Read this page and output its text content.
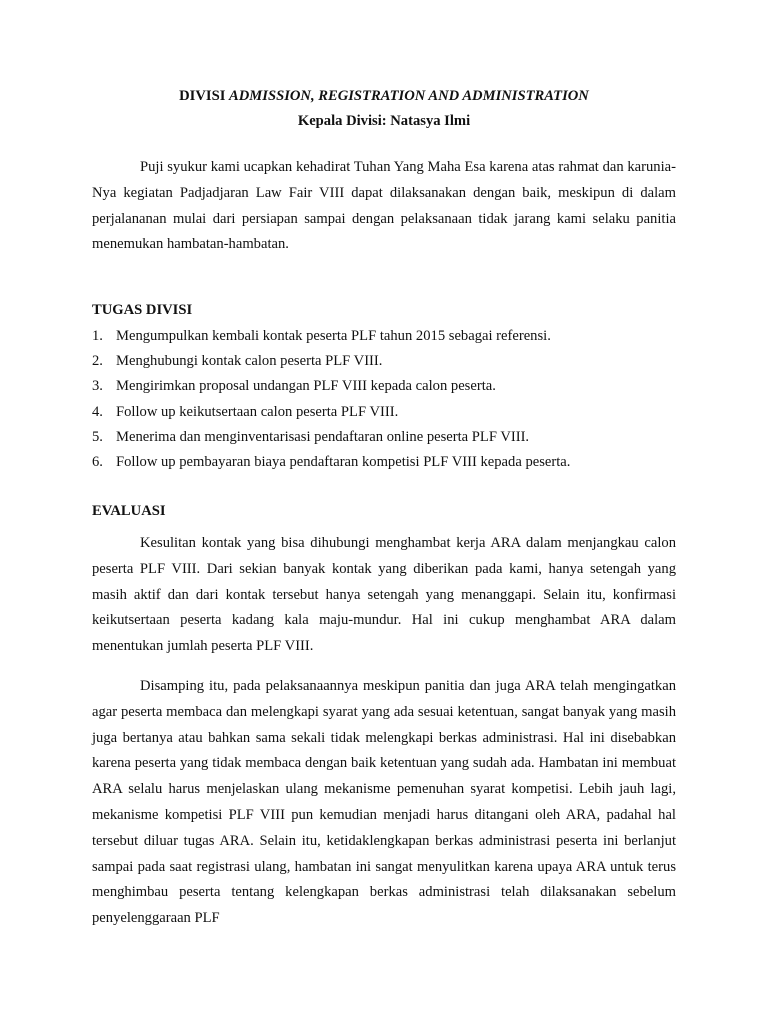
DIVISI ADMISSION, REGISTRATION AND ADMINISTRATION

Kepala Divisi: Natasya Ilmi

Puji syukur kami ucapkan kehadirat Tuhan Yang Maha Esa karena atas rahmat dan karunia-Nya kegiatan Padjadjaran Law Fair VIII dapat dilaksanakan dengan baik, meskipun di dalam perjalananan mulai dari persiapan sampai dengan pelaksanaan tidak jarang kami selaku panitia menemukan hambatan-hambatan.

TUGAS DIVISI

1. Mengumpulkan kembali kontak peserta PLF tahun 2015 sebagai referensi.
2. Menghubungi kontak calon peserta PLF VIII.
3. Mengirimkan proposal undangan PLF VIII kepada calon peserta.
4. Follow up keikutsertaan calon peserta PLF VIII.
5. Menerima dan menginventarisasi pendaftaran online peserta PLF VIII.
6. Follow up pembayaran biaya pendaftaran kompetisi PLF VIII kepada peserta.

EVALUASI

Kesulitan kontak yang bisa dihubungi menghambat kerja ARA dalam menjangkau calon peserta PLF VIII. Dari sekian banyak kontak yang diberikan pada kami, hanya setengah yang masih aktif dan dari kontak tersebut hanya setengah yang menanggapi. Selain itu, konfirmasi keikutsertaan peserta kadang kala maju-mundur. Hal ini cukup menghambat ARA dalam menentukan jumlah peserta PLF VIII.

Disamping itu, pada pelaksanaannya meskipun panitia dan juga ARA telah mengingatkan agar peserta membaca dan melengkapi syarat yang ada sesuai ketentuan, sangat banyak yang masih juga bertanya atau bahkan sama sekali tidak melengkapi berkas administrasi. Hal ini disebabkan karena peserta yang tidak membaca dengan baik ketentuan yang sudah ada. Hambatan ini membuat ARA selalu harus menjelaskan ulang mekanisme pemenuhan syarat kompetisi. Lebih jauh lagi, mekanisme kompetisi PLF VIII pun kemudian menjadi harus ditangani oleh ARA, padahal hal tersebut diluar tugas ARA. Selain itu, ketidaklengkapan berkas administrasi peserta ini berlanjut sampai pada saat registrasi ulang, hambatan ini sangat menyulitkan karena upaya ARA untuk terus menghimbau peserta tentang kelengkapan berkas administrasi telah dilaksanakan sebelum penyelenggaraan PLF
